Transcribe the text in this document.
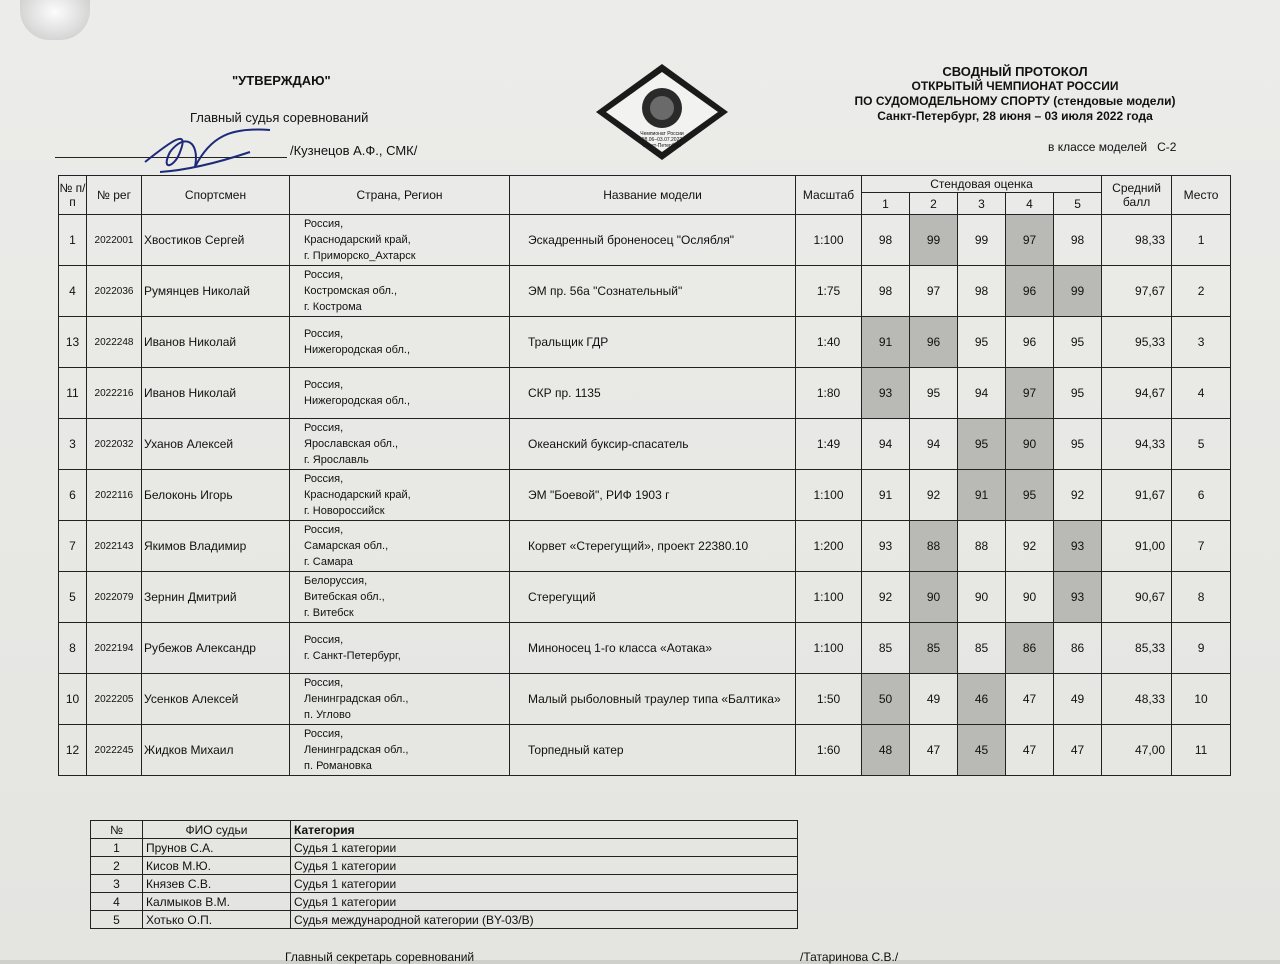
"УТВЕРЖДАЮ"
Главный судья соревнований
/Кузнецов А.Ф., СМК/
Чемпионат России
28.06–03.07.2022
Санкт-Петербург
СВОДНЫЙ ПРОТОКОЛ
ОТКРЫТЫЙ ЧЕМПИОНАТ РОССИИ
ПО СУДОМОДЕЛЬНОМУ СПОРТУ (стендовые модели)
Санкт-Петербург, 28 июня – 03 июля 2022 года
в классе моделей С-2
№ п/п	№ рег	Спортсмен	Страна, Регион	Название модели	Масштаб	Стендовая оценка					Средний балл	Место
						1	2	3	4	5		
1	2022001	Хвостиков Сергей	Россия,
Краснодарский край,
г. Приморско_Ахтарск	Эскадренный броненосец "Ослябля"	1:100	98	99	99	97	98	98,33	1
4	2022036	Румянцев Николай	Россия,
Костромская обл.,
г. Кострома	ЭМ пр. 56а "Сознательный"	1:75	98	97	98	96	99	97,67	2
13	2022248	Иванов Николай	Россия,
Нижегородская обл.,	Тральщик ГДР	1:40	91	96	95	96	95	95,33	3
11	2022216	Иванов Николай	Россия,
Нижегородская обл.,	СКР пр. 1135	1:80	93	95	94	97	95	94,67	4
3	2022032	Уханов Алексей	Россия,
Ярославская обл.,
г. Ярославль	Океанский буксир-спасатель	1:49	94	94	95	90	95	94,33	5
6	2022116	Белоконь Игорь	Россия,
Краснодарский край,
г. Новороссийск	ЭМ "Боевой", РИФ 1903 г	1:100	91	92	91	95	92	91,67	6
7	2022143	Якимов Владимир	Россия,
Самарская обл.,
г. Самара	Корвет «Стерегущий», проект 22380.10	1:200	93	88	88	92	93	91,00	7
5	2022079	Зернин Дмитрий	Белоруссия,
Витебская обл.,
г. Витебск	Стерегущий	1:100	92	90	90	90	93	90,67	8
8	2022194	Рубежов Александр	Россия,
г. Санкт-Петербург,	Миноносец 1-го класса «Аотака»	1:100	85	85	85	86	86	85,33	9
10	2022205	Усенков Алексей	Россия,
Ленинградская обл.,
п. Углово	Малый рыболовный траулер типа «Балтика»	1:50	50	49	46	47	49	48,33	10
12	2022245	Жидков Михаил	Россия,
Ленинградская обл.,
п. Романовка	Торпедный катер	1:60	48	47	45	47	47	47,00	11
№	ФИО судьи	Категория
1	Прунов С.А.	Судья 1 категории
2	Кисов М.Ю.	Судья 1 категории
3	Князев С.В.	Судья 1 категории
4	Калмыков В.М.	Судья 1 категории
5	Хотько О.П.	Судья международной категории (BY-03/B)
Главный секретарь соревнований	/Татаринова С.В./
